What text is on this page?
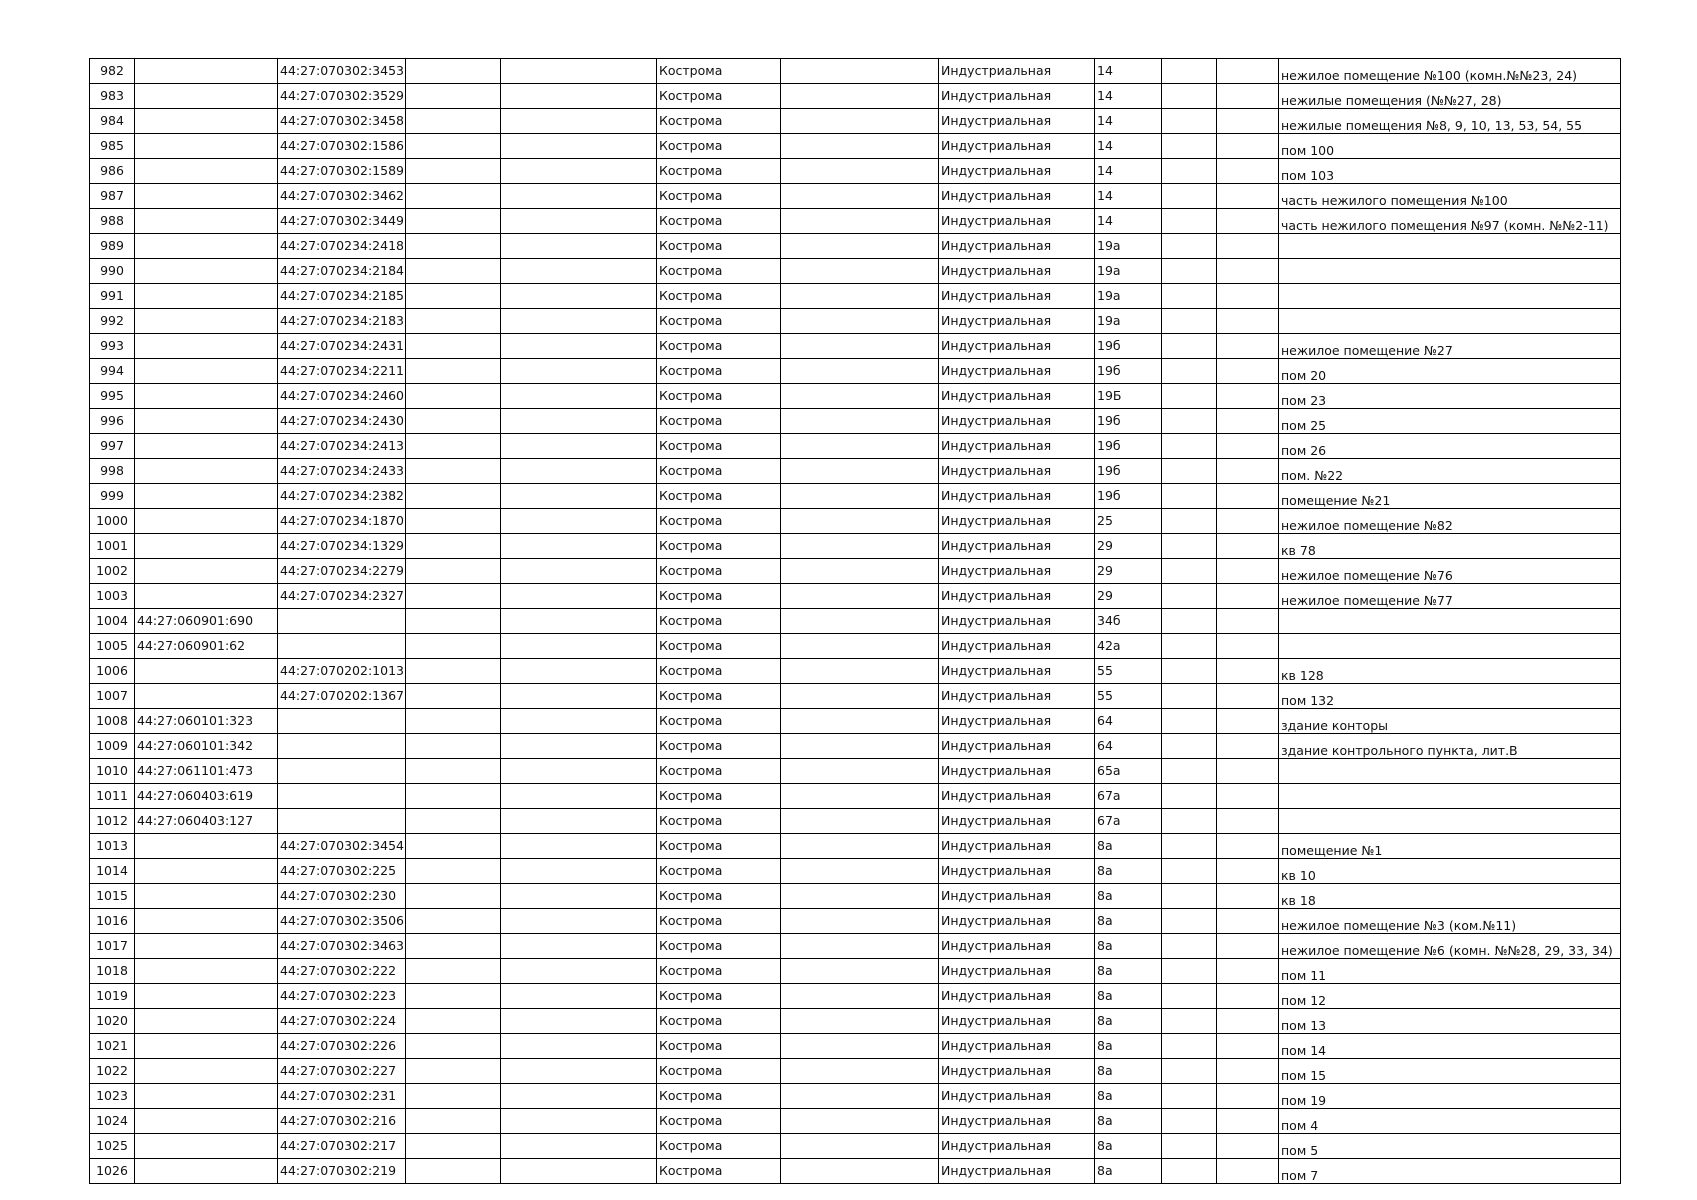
982		44:27:070302:3453			Кострома		Индустриальная	14			нежилое помещение №100 (комн.№№23, 24)
983		44:27:070302:3529			Кострома		Индустриальная	14			нежилые помещения (№№27, 28)
984		44:27:070302:3458			Кострома		Индустриальная	14			нежилые помещения №8, 9, 10, 13, 53, 54, 55
985		44:27:070302:1586			Кострома		Индустриальная	14			пом 100
986		44:27:070302:1589			Кострома		Индустриальная	14			пом 103
987		44:27:070302:3462			Кострома		Индустриальная	14			часть нежилого помещения №100
988		44:27:070302:3449			Кострома		Индустриальная	14			часть нежилого помещения №97 (комн. №№2-11)
989		44:27:070234:2418			Кострома		Индустриальная	19а			
990		44:27:070234:2184			Кострома		Индустриальная	19а			
991		44:27:070234:2185			Кострома		Индустриальная	19а			
992		44:27:070234:2183			Кострома		Индустриальная	19а			
993		44:27:070234:2431			Кострома		Индустриальная	19б			нежилое помещение №27
994		44:27:070234:2211			Кострома		Индустриальная	19б			пом 20
995		44:27:070234:2460			Кострома		Индустриальная	19Б			пом 23
996		44:27:070234:2430			Кострома		Индустриальная	19б			пом 25
997		44:27:070234:2413			Кострома		Индустриальная	19б			пом 26
998		44:27:070234:2433			Кострома		Индустриальная	19б			пом. №22
999		44:27:070234:2382			Кострома		Индустриальная	19б			помещение №21
1000		44:27:070234:1870			Кострома		Индустриальная	25			нежилое помещение №82
1001		44:27:070234:1329			Кострома		Индустриальная	29			кв 78
1002		44:27:070234:2279			Кострома		Индустриальная	29			нежилое помещение №76
1003		44:27:070234:2327			Кострома		Индустриальная	29			нежилое помещение №77
1004	44:27:060901:690				Кострома		Индустриальная	34б			
1005	44:27:060901:62				Кострома		Индустриальная	42а			
1006		44:27:070202:1013			Кострома		Индустриальная	55			кв 128
1007		44:27:070202:1367			Кострома		Индустриальная	55			пом 132
1008	44:27:060101:323				Кострома		Индустриальная	64			здание конторы
1009	44:27:060101:342				Кострома		Индустриальная	64			здание контрольного пункта, лит.В
1010	44:27:061101:473				Кострома		Индустриальная	65а			
1011	44:27:060403:619				Кострома		Индустриальная	67а			
1012	44:27:060403:127				Кострома		Индустриальная	67а			
1013		44:27:070302:3454			Кострома		Индустриальная	8а			помещение №1
1014		44:27:070302:225			Кострома		Индустриальная	8а			кв 10
1015		44:27:070302:230			Кострома		Индустриальная	8а			кв 18
1016		44:27:070302:3506			Кострома		Индустриальная	8а			нежилое помещение №3 (ком.№11)
1017		44:27:070302:3463			Кострома		Индустриальная	8а			нежилое помещение №6 (комн. №№28, 29, 33, 34)
1018		44:27:070302:222			Кострома		Индустриальная	8а			пом 11
1019		44:27:070302:223			Кострома		Индустриальная	8а			пом 12
1020		44:27:070302:224			Кострома		Индустриальная	8а			пом 13
1021		44:27:070302:226			Кострома		Индустриальная	8а			пом 14
1022		44:27:070302:227			Кострома		Индустриальная	8а			пом 15
1023		44:27:070302:231			Кострома		Индустриальная	8а			пом 19
1024		44:27:070302:216			Кострома		Индустриальная	8а			пом 4
1025		44:27:070302:217			Кострома		Индустриальная	8а			пом 5
1026		44:27:070302:219			Кострома		Индустриальная	8а			пом 7
